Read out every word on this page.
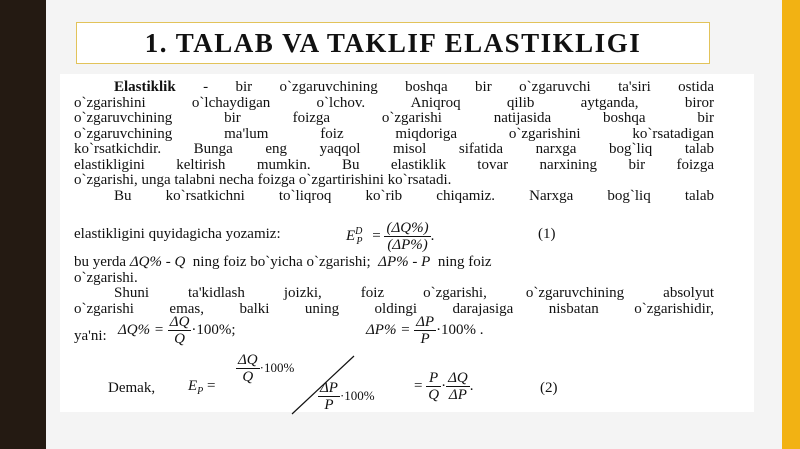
1. TALAB VA TAKLIF ELASTIKLIGI
Elastiklik - bir o`zgaruvchining boshqa bir o`zgaruvchi ta'siri ostida
o`zgarishini o`lchaydigan o`lchov. Aniqroq qilib aytganda, biror
o`zgaruvchining bir foizga o`zgarishi natijasida boshqa bir
o`zgaruvchining ma'lum foiz miqdoriga o`zgarishini ko`rsatadigan
ko`rsatkichdir. Bunga eng yaqqol misol sifatida narxga bog`liq talab
elastikligini keltirish mumkin. Bu elastiklik tovar narxining bir foizga
o`zgarishi, unga talabni necha foizga o`zgartirishini ko`rsatadi.
Bu ko`rsatkichni to`liqroq ko`rib chiqamiz. Narxga bog`liq talab
elastikligini quyidagicha yozamiz:	$E^D_P = \frac{(\Delta Q\%)}{(\Delta P\%)}$ .	(1)
bu yerda ΔQ% - Q ning foiz bo`yicha o`zgarishi; ΔP% - P ning foiz
o`zgarishi.
Shuni ta'kidlash joizki, foiz o`zgarishi, o`zgaruvchining absolyut
o`zgarishi emas, balki uning oldingi darajasiga nisbatan o`zgarishidir,
ya'ni: $\Delta Q\% = \frac{\Delta Q}{Q} \cdot 100\%$;	$\Delta P\% = \frac{\Delta P}{P} \cdot 100\%$ .
Demak, $E_P$ =
$\frac{\Delta Q}{Q} \cdot 100\%$
$\frac{\Delta P}{P} \cdot 100\%$
= $\frac{P}{Q} \cdot \frac{\Delta Q}{\Delta P}$ .	(2)
